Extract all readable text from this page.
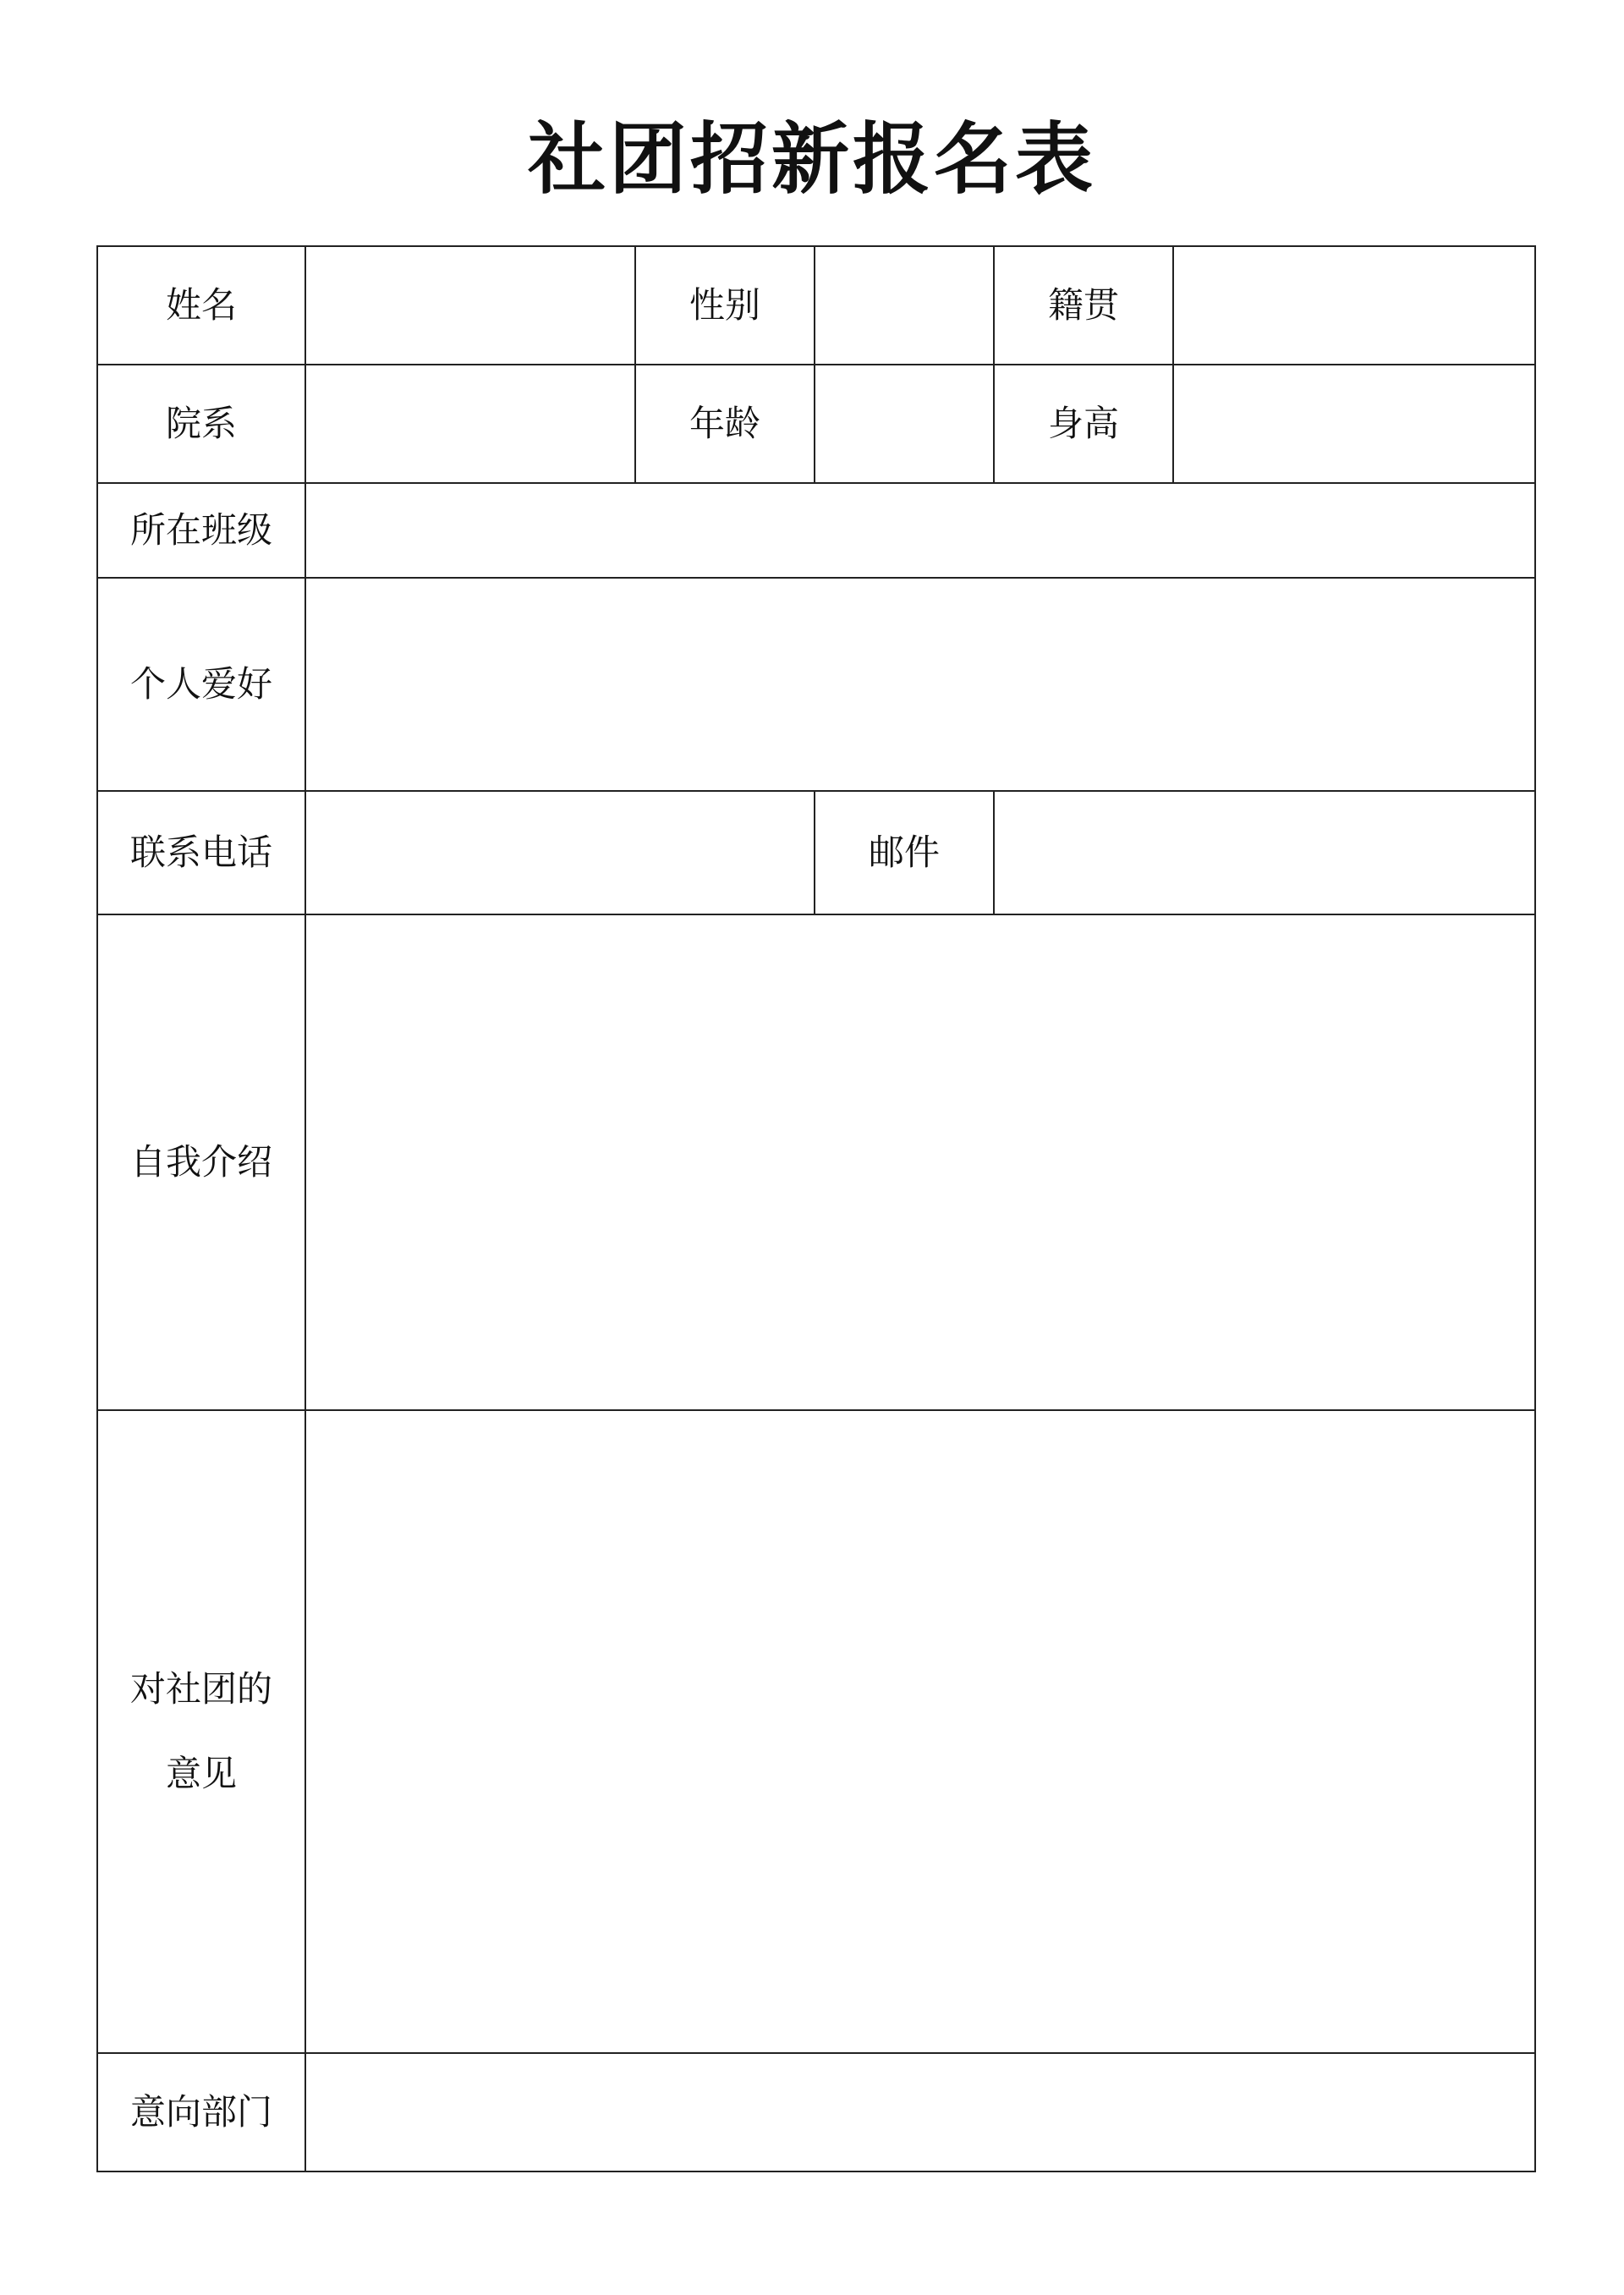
社团招新报名表
姓名		性别		籍贯	
院系		年龄		身高	
所在班级					
个人爱好					
联系电话			邮件		
自我介绍					
对社团的
意见					
意向部门					
